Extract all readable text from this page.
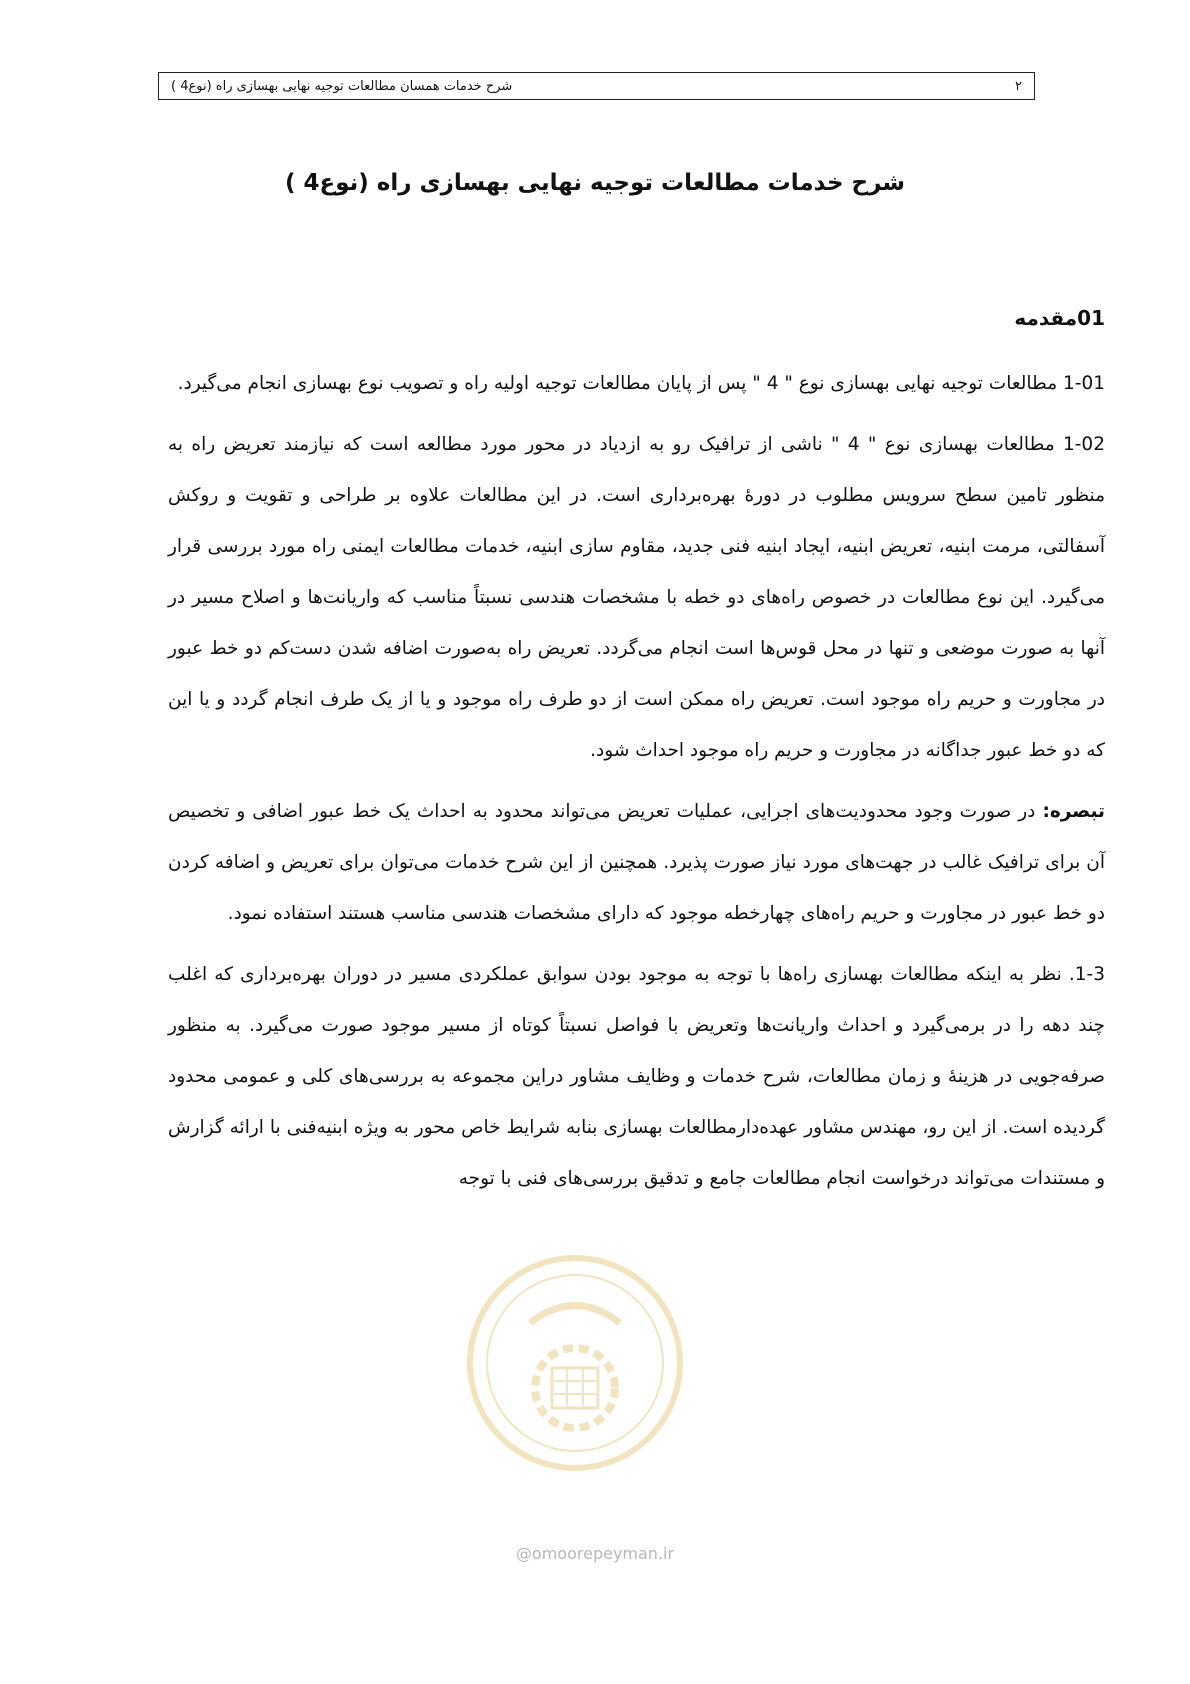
شرح خدمات همسان مطالعات توجیه نهایی بهسازی راه (نوع4 )	۲
شرح خدمات مطالعات توجیه نهایی بهسازی راه (نوع4 )
01مقدمه

1-01 مطالعات توجیه نهایی بهسازی نوع " 4 " پس از پایان مطالعات توجیه اولیه راه و تصویب نوع بهسازی انجام می‌گیرد.

1-02 مطالعات بهسازی نوع " 4 " ناشی از ترافیک رو به ازدیاد در محور مورد مطالعه است که نیازمند تعریض راه به منظور تامین سطح سرویس مطلوب در دورهٔ بهره‌برداری است. در این مطالعات علاوه بر طراحی و تقویت و روکش آسفالتی، مرمت ابنیه، تعریض ابنیه، ایجاد ابنیه فنی جدید، مقاوم سازی ابنیه، خدمات مطالعات ایمنی راه مورد بررسی قرار می‌گیرد. این نوع مطالعات در خصوص راه‌های دو خطه با مشخصات هندسی نسبتاً مناسب که واریانت‌ها و اصلاح مسیر در آنها به صورت موضعی و تنها در محل قوس‌ها است انجام می‌گردد. تعریض راه به‌صورت اضافه شدن دست‌کم دو خط عبور در مجاورت و حریم راه موجود است. تعریض راه ممکن است از دو طرف راه موجود و یا از یک طرف انجام گردد و یا این که دو خط عبور جداگانه در مجاورت و حریم راه موجود احداث شود.

تبصره: در صورت وجود محدودیت‌های اجرایی، عملیات تعریض می‌تواند محدود به احداث یک خط عبور اضافی و تخصیص آن برای ترافیک غالب در جهت‌های مورد نیاز صورت پذیرد. همچنین از این شرح خدمات می‌توان برای تعریض و اضافه کردن دو خط عبور در مجاورت و حریم راه‌های چهارخطه موجود که دارای مشخصات هندسی مناسب هستند استفاده نمود.

1-3. نظر به اینکه مطالعات بهسازی راه‌ها با توجه به موجود بودن سوابق عملکردی مسیر در دوران بهره‌برداری که اغلب چند دهه را در برمی‌گیرد و احداث واریانت‌ها وتعریض با فواصل نسبتاً کوتاه از مسیر موجود صورت می‌گیرد. به منظور صرفه‌جویی در هزینهٔ و زمان مطالعات، شرح خدمات و وظایف مشاور دراین مجموعه به بررسی‌های کلی و عمومی محدود گردیده است. از این رو، مهندس مشاور عهده‌دارمطالعات بهسازی بنابه شرایط خاص محور به ویژه ابنیه‌فنی با ارائه گزارش و مستندات می‌تواند درخواست انجام مطالعات جامع و تدقیق بررسی‌های فنی با توجه

@omoorepeyman.ir
